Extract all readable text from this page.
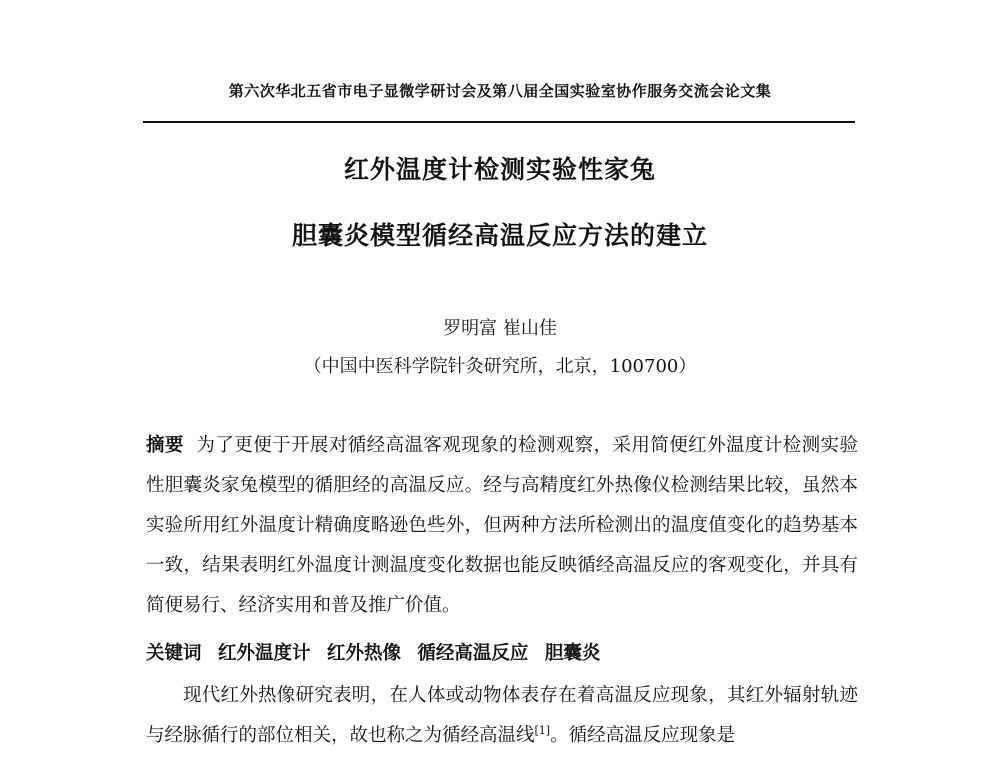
第六次华北五省市电子显微学研讨会及第八届全国实验室协作服务交流会论文集
红外温度计检测实验性家兔
胆囊炎模型循经高温反应方法的建立
罗明富 崔山佳
（中国中医科学院针灸研究所，北京，100700）
摘要 为了更便于开展对循经高温客观现象的检测观察，采用简便红外温度计检测实验性胆囊炎家兔模型的循胆经的高温反应。经与高精度红外热像仪检测结果比较，虽然本实验所用红外温度计精确度略逊色些外，但两种方法所检测出的温度值变化的趋势基本一致，结果表明红外温度计测温度变化数据也能反映循经高温反应的客观变化，并具有简便易行、经济实用和普及推广价值。
关键词 红外温度计 红外热像 循经高温反应 胆囊炎
现代红外热像研究表明，在人体或动物体表存在着高温反应现象，其红外辐射轨迹与经脉循行的部位相关，故也称之为循经高温线[1]。循经高温反应现象是
